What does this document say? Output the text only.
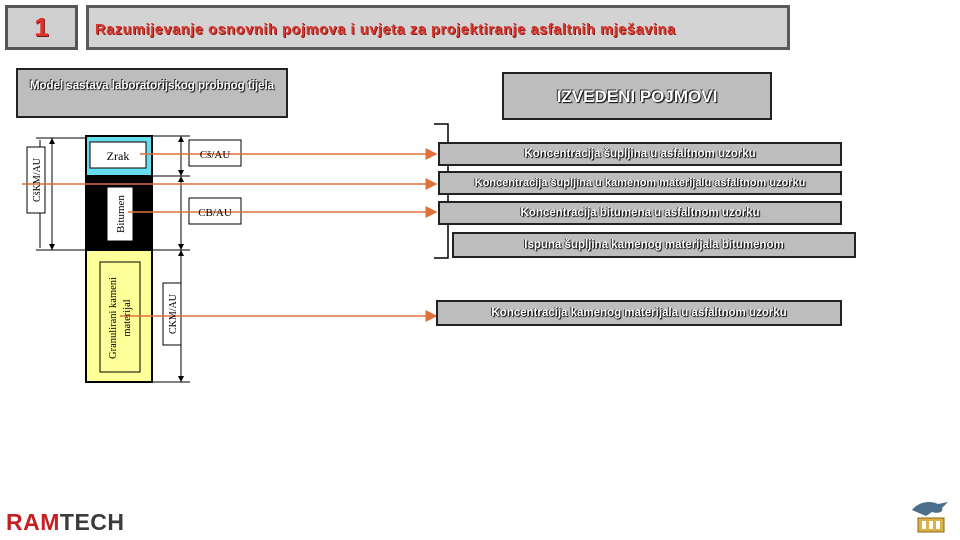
1	Razumijevanje osnovnih pojmova i uvjeta za projektiranje asfaltnih mješavina
Model sastava laboratorijskog probnog tijela
IZVEDENI POJMOVI
Zrak
Bitumen
Granulirani kameni materijal
Cš/AU
CB/AU
CšKM/AU
CKM/AU
Koncentracija šupljina u asfaltnom uzorku
Koncentracija šupljina u kamenom materijalu asfaltnom uzorku
Koncentracija bitumena u asfaltnom uzorku
Ispuna šupljina kamenog materijala bitumenom
Koncentracija kamenog materijala u asfaltnom uzorku
RAMTECH
